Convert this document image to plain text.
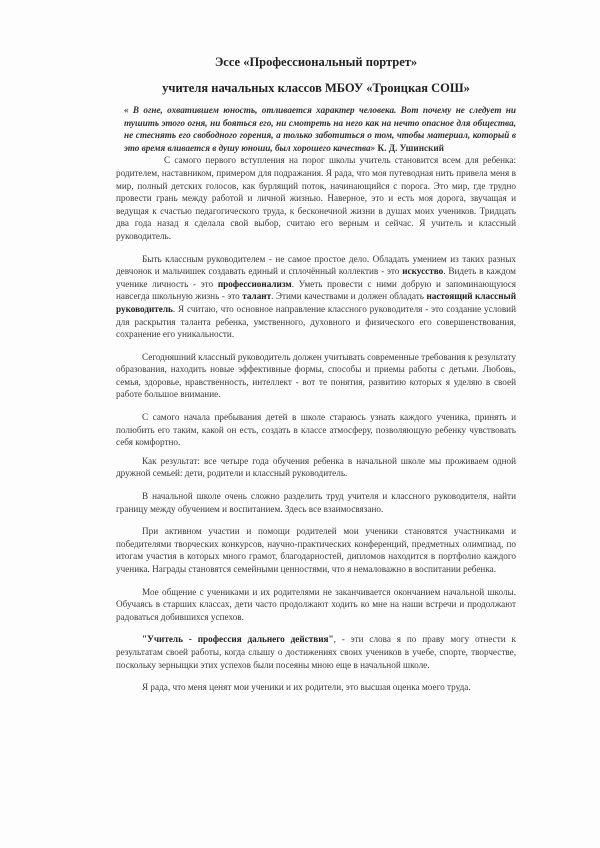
Эссе «Профессиональный портрет»

учителя начальных классов МБОУ «Троицкая СОШ»

« В огне, охватившем юность, отливается характер человека. Вот почему не следует ни тушить этого огня, ни бояться его, ни смотреть на него как на нечто опасное для общества, не стеснять его свободного горения, а только заботиться о том, чтобы материал, который в это время вливается в душу юноши, был хорошего качества» К. Д. Ушинский

С самого первого вступления на порог школы учитель становится всем для ребенка: родителем, наставником, примером для подражания. Я рада, что моя путеводная нить привела меня в мир, полный детских голосов, как бурлящий поток, начинающийся с порога. Это мир, где трудно провести грань между работой и личной жизнью. Наверное, это и есть моя дорога, звучащая и ведущая к счастью педагогического труда, к бесконечной жизни в душах моих учеников. Тридцать два года назад я сделала свой выбор, считаю его верным и сейчас. Я учитель и классный руководитель.

Быть классным руководителем - не самое простое дело. Обладать умением из таких разных девчонок и мальчишек создавать единый и сплочённый коллектив - это искусство. Видеть в каждом ученике личность - это профессионализм. Уметь провести с ними добрую и запоминающуюся навсегда школьную жизнь - это талант. Этими качествами и должен обладать настоящий классный руководитель. Я считаю, что основное направление классного руководителя - это создание условий для раскрытия таланта ребенка, умственного, духовного и физического его совершенствования, сохранение его уникальности.

Сегодняшний классный руководитель должен учитывать современные требования к результату образования, находить новые эффективные формы, способы и приемы работы с детьми. Любовь, семья, здоровье, нравственность, интеллект - вот те понятия, развитию которых я уделяю в своей работе большое внимание.

С самого начала пребывания детей в школе стараюсь узнать каждого ученика, принять и полюбить его таким, какой он есть, создать в классе атмосферу, позволяющую ребенку чувствовать себя комфортно.

Как результат: все четыре года обучения ребенка в начальной школе мы проживаем одной дружной семьей: дети, родители и классный руководитель.

В начальной школе очень сложно разделить труд учителя и классного руководителя, найти границу между обучением и воспитанием. Здесь все взаимосвязано.

При активном участии и помощи родителей мои ученики становятся участниками и победителями творческих конкурсов, научно-практических конференций, предметных олимпиад, по итогам участия в которых много грамот, благодарностей, дипломов находится в портфолио каждого ученика. Награды становятся семейными ценностями, что я немаловажно в воспитании ребенка.

Мое общение с учениками и их родителями не заканчивается окончанием начальной школы. Обучаясь в старших классах, дети часто продолжают ходить ко мне на наши встречи и продолжают радоваться добившихся успехов.

"Учитель - профессия дальнего действия", - эти слова я по праву могу отнести к результатам своей работы, когда слышу о достижениях своих учеников в учебе, спорте, творчестве, поскольку зерныщки этих успехов были посеяны мною еще в начальной школе.

Я рада, что меня ценят мои ученики и их родители, это высшая оценка моего труда.
